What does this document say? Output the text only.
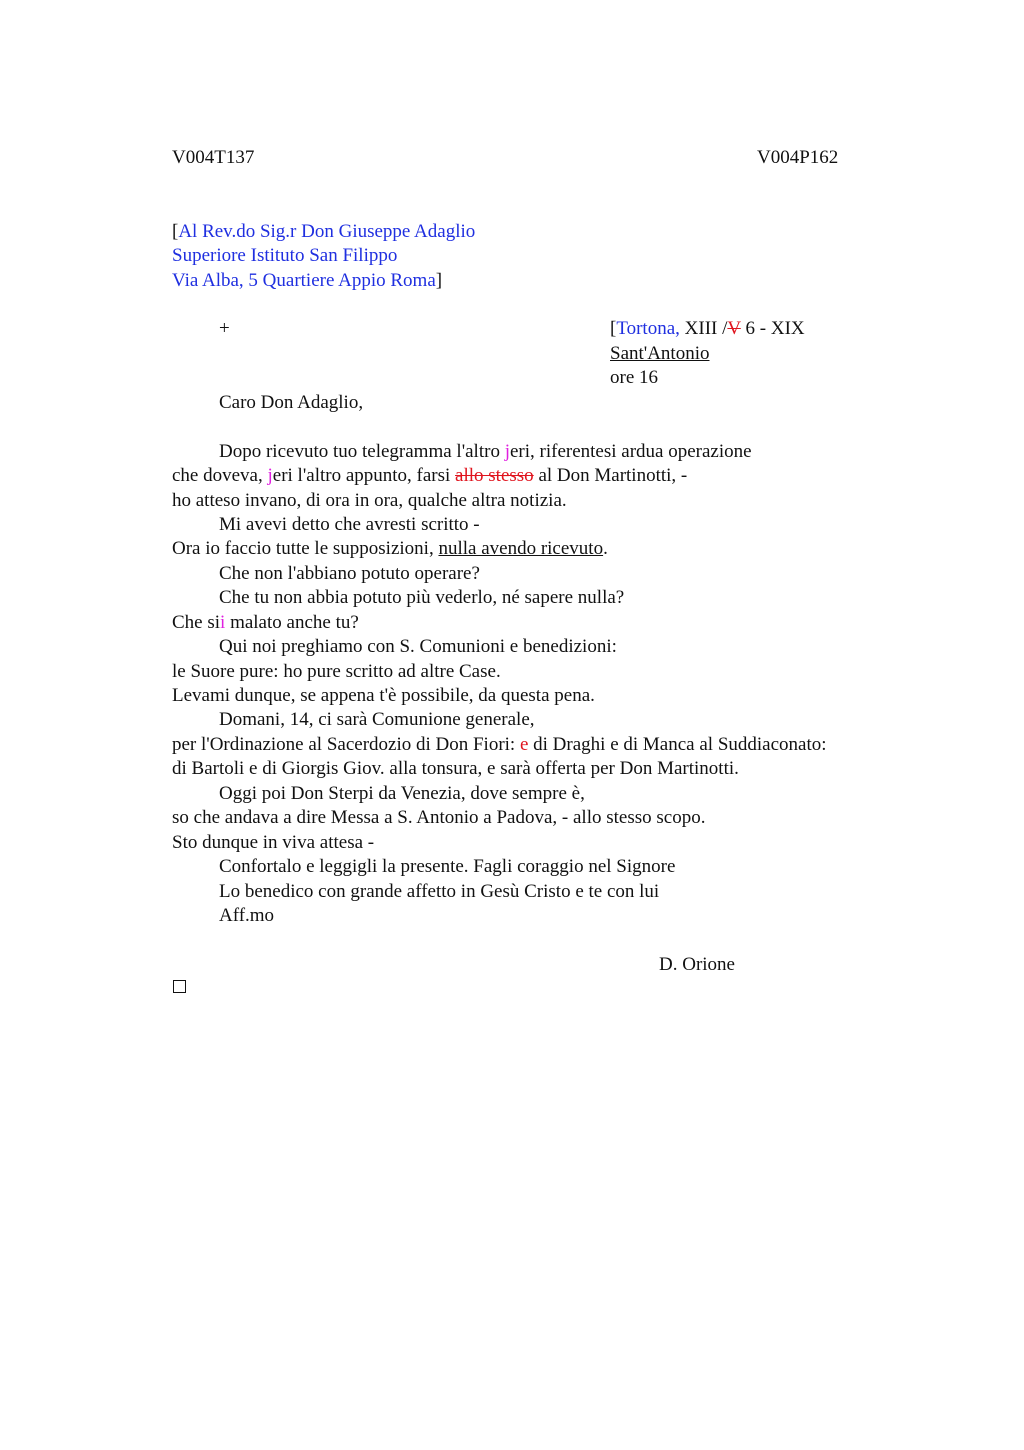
V004T137	V004P162
[Al Rev.do Sig.r Don Giuseppe Adaglio
Superiore Istituto San Filippo
Via Alba, 5 Quartiere Appio Roma]
+	[Tortona, XIII /V 6 - XIX
Sant'Antonio
ore 16
Caro Don Adaglio,
Dopo ricevuto tuo telegramma l'altro jeri, riferentesi ardua operazione
che doveva, jeri l'altro appunto, farsi allo stesso al Don Martinotti, -
ho atteso invano, di ora in ora, qualche altra notizia.
Mi avevi detto che avresti scritto -
Ora io faccio tutte le supposizioni, nulla avendo ricevuto.
Che non l'abbiano potuto operare?
Che tu non abbia potuto più vederlo, né sapere nulla?
Che sii malato anche tu?
Qui noi preghiamo con S. Comunioni e benedizioni:
le Suore pure: ho pure scritto ad altre Case.
Levami dunque, se appena t'è possibile, da questa pena.
Domani, 14, ci sarà Comunione generale,
per l'Ordinazione al Sacerdozio di Don Fiori: e di Draghi e di Manca al Suddiaconato:
di Bartoli e di Giorgis Giov. alla tonsura, e sarà offerta per Don Martinotti.
Oggi poi Don Sterpi da Venezia, dove sempre è,
so che andava a dire Messa a S. Antonio a Padova, - allo stesso scopo.
Sto dunque in viva attesa -
Confortalo e leggigli la presente. Fagli coraggio nel Signore
Lo benedico con grande affetto in Gesù Cristo e te con lui
Aff.mo
D. Orione
